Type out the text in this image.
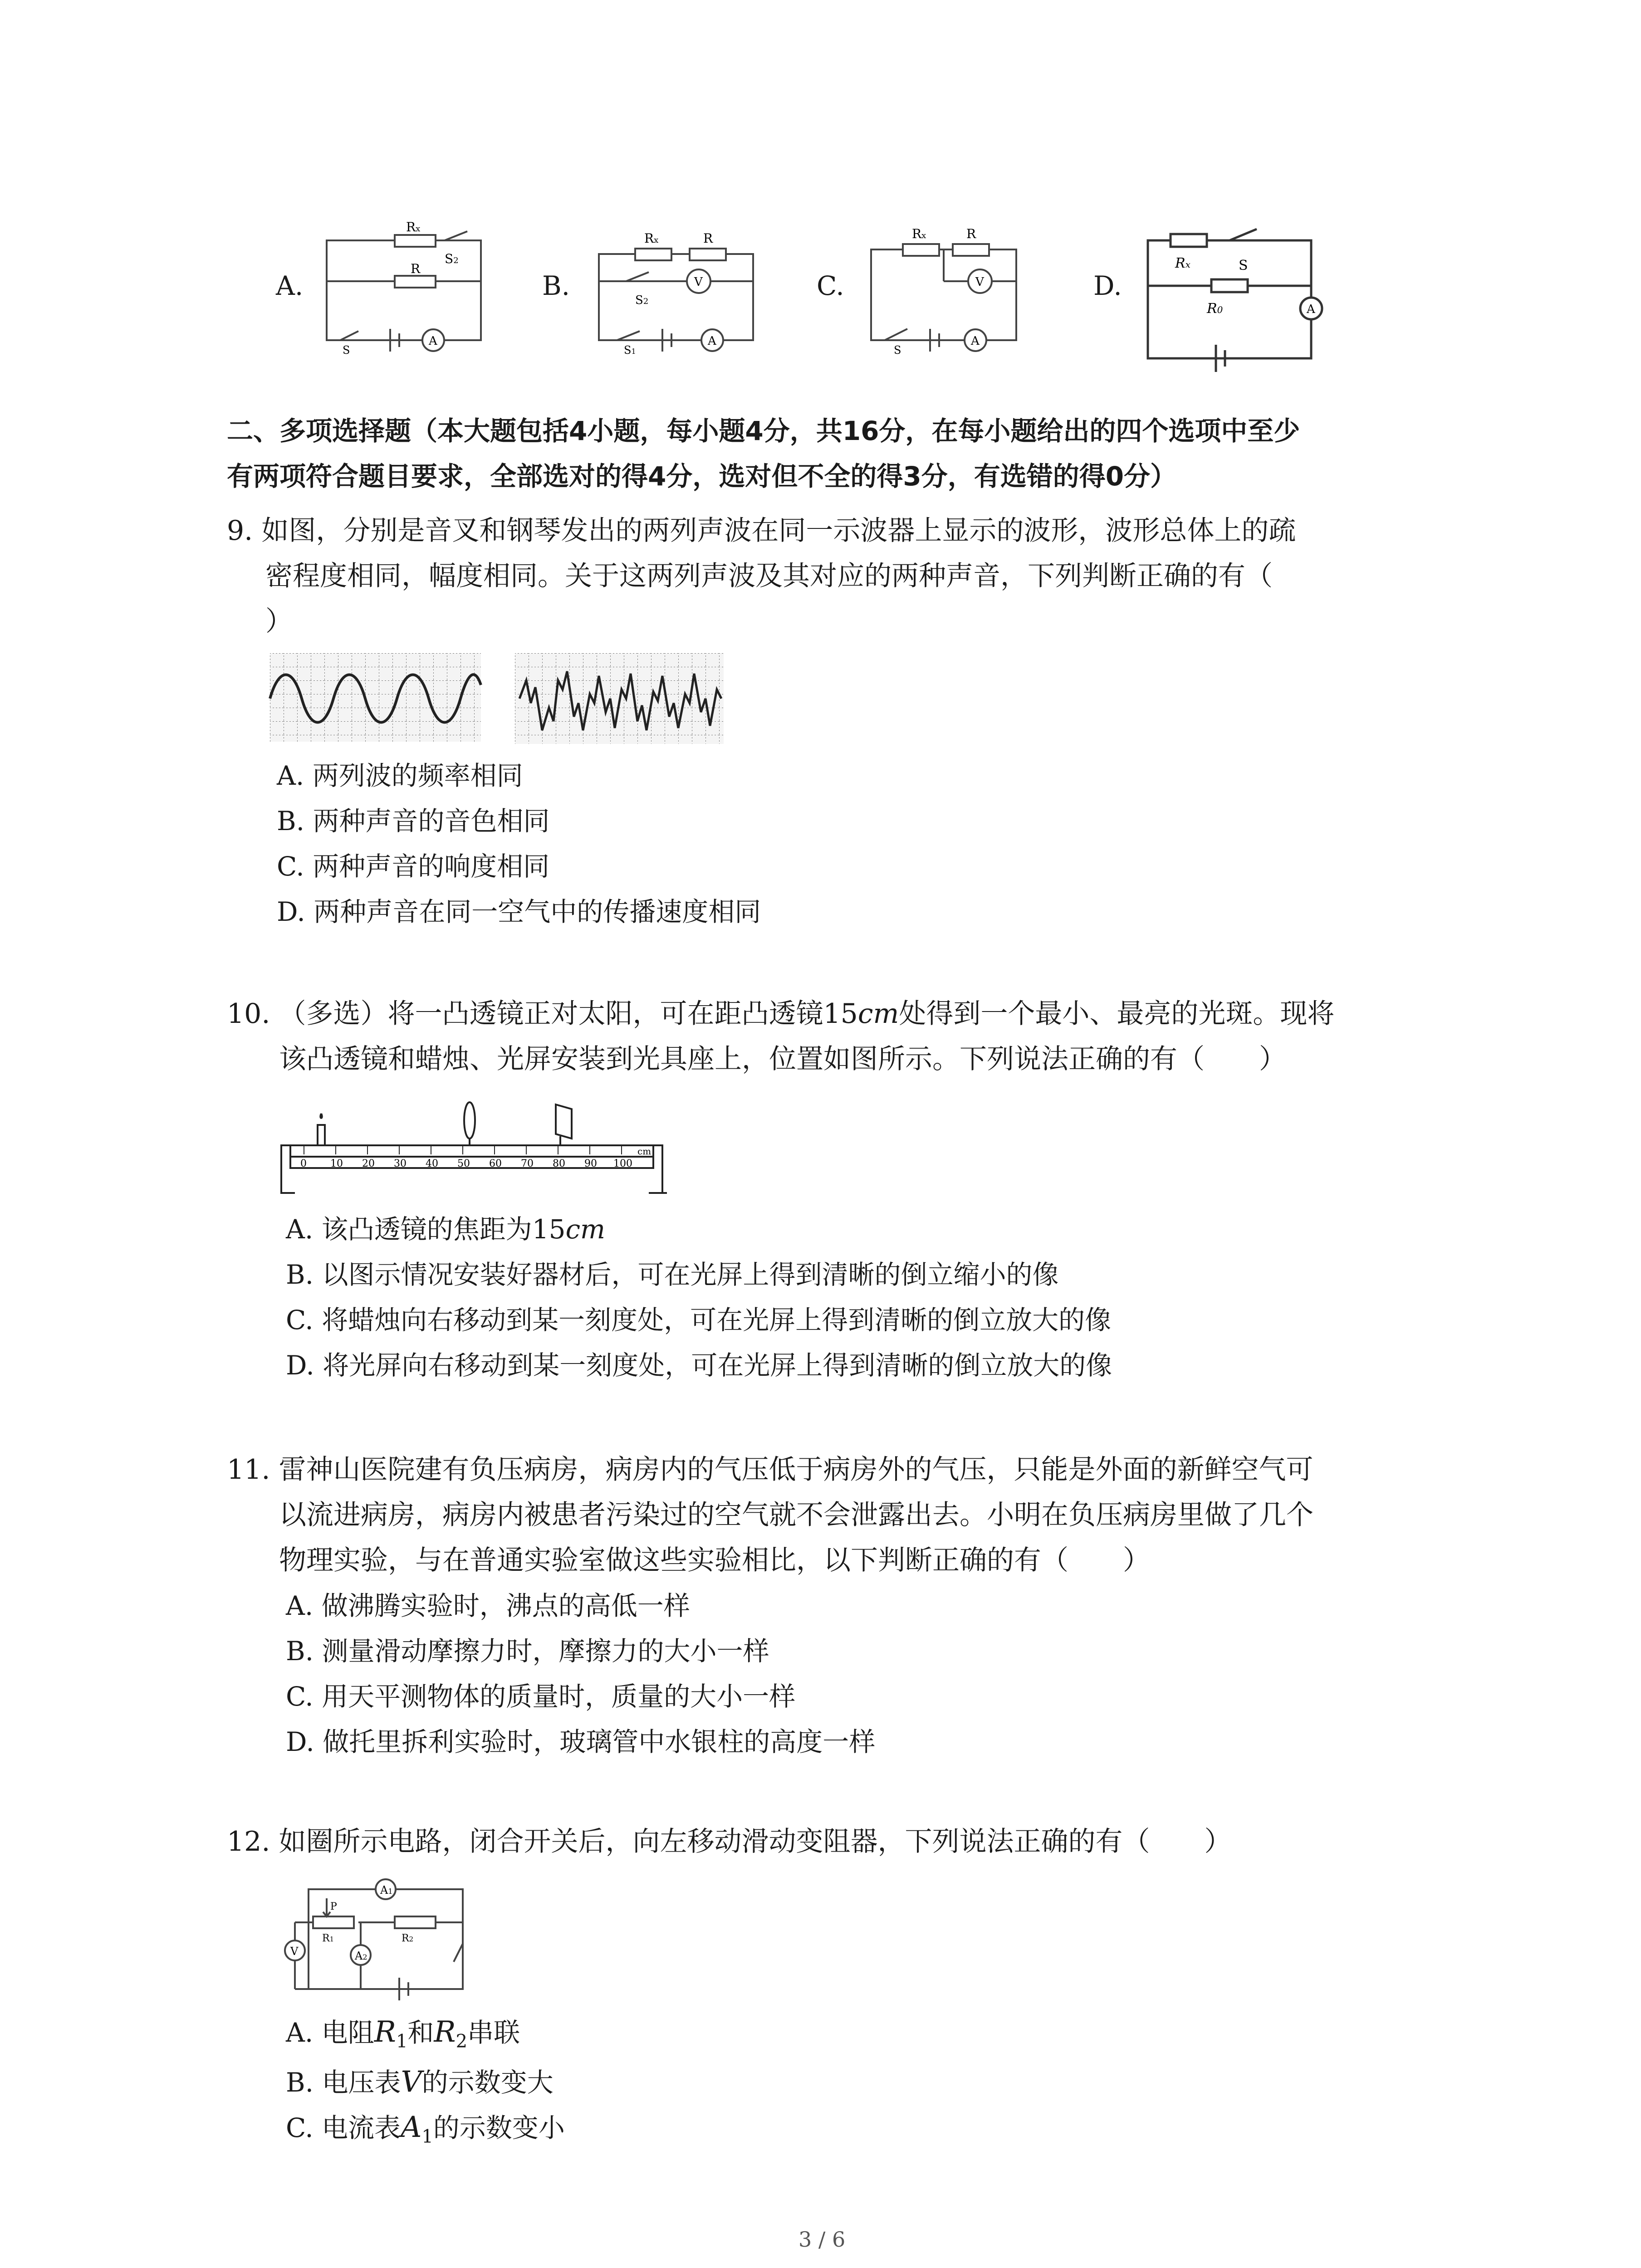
A.
Rx
S2
R
A
S
B.
Rx	R
V
S2
A
S1
C.
Rx	R
V
A
S
D.
Rx	S
R0	A
二、多项选择题（本大题包括4小题，每小题4分，共16分，在每小题给出的四个选项中至少
有两项符合题目要求，全部选对的得4分，选对但不全的得3分，有选错的得0分）
9. 如图，分别是音叉和钢琴发出的两列声波在同一示波器上显示的波形，波形总体上的疏
密程度相同，幅度相同。关于这两列声波及其对应的两种声音，下列判断正确的有（
）
A. 两列波的频率相同
B. 两种声音的音色相同
C. 两种声音的响度相同
D. 两种声音在同一空气中的传播速度相同
10. （多选）将一凸透镜正对太阳，可在距凸透镜15cm处得到一个最小、最亮的光斑。现将
该凸透镜和蜡烛、光屏安装到光具座上，位置如图所示。下列说法正确的有（　　）
0 10 20 30 40 50 60 70 80 90 100
cm
A. 该凸透镜的焦距为15cm
B. 以图示情况安装好器材后，可在光屏上得到清晰的倒立缩小的像
C. 将蜡烛向右移动到某一刻度处，可在光屏上得到清晰的倒立放大的像
D. 将光屏向右移动到某一刻度处，可在光屏上得到清晰的倒立放大的像
11. 雷神山医院建有负压病房，病房内的气压低于病房外的气压，只能是外面的新鲜空气可
以流进病房，病房内被患者污染过的空气就不会泄露出去。小明在负压病房里做了几个
物理实验，与在普通实验室做这些实验相比，以下判断正确的有（　　）
A. 做沸腾实验时，沸点的高低一样
B. 测量滑动摩擦力时，摩擦力的大小一样
C. 用天平测物体的质量时，质量的大小一样
D. 做托里拆利实验时，玻璃管中水银柱的高度一样
12. 如圈所示电路，闭合开关后，向左移动滑动变阻器，下列说法正确的有（　　）
A1
P
R1	R2
V	A2
A. 电阻$R_1$和$R_2$串联
B. 电压表V的示数变大
C. 电流表$A_1$的示数变小
3 / 6
